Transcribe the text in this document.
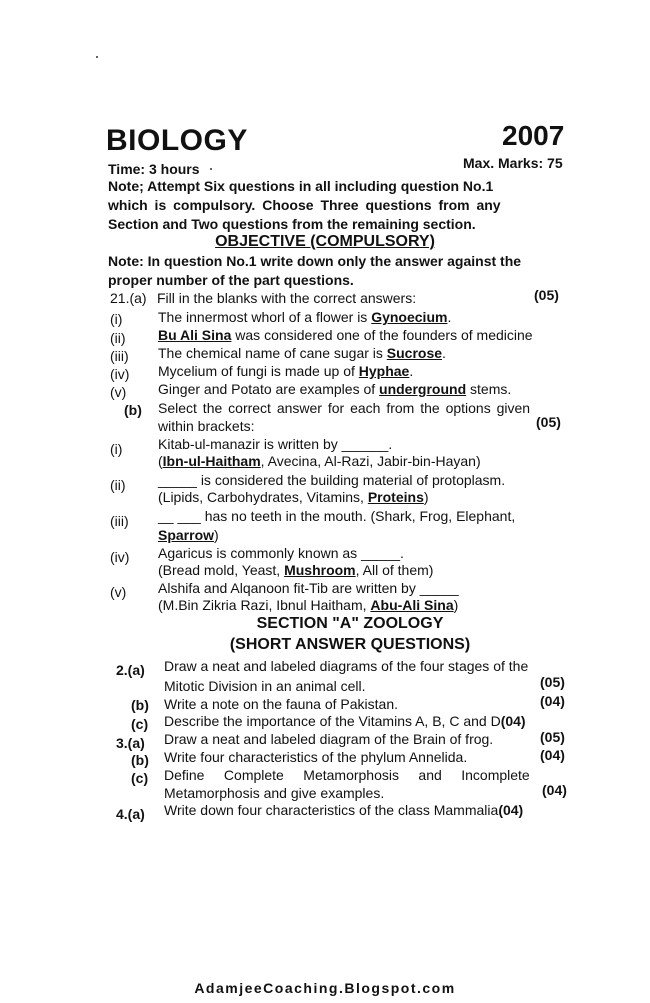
BIOLOGY	2007
Time: 3 hours	Max. Marks: 75
Note; Attempt Six questions in all including question No.1
which is compulsory. Choose Three questions from any
Section and Two questions from the remaining section.
OBJECTIVE (COMPULSORY)
Note: In question No.1 write down only the answer against the
proper number of the part questions.
21.(a) Fill in the blanks with the correct answers:	(05)
(i)	The innermost whorl of a flower is Gynoecium.
(ii) Bu Ali Sina was considered one of the founders of medicine
(iii) The chemical name of cane sugar is Sucrose.
(iv) Mycelium of fungi is made up of Hyphae.
(v) Ginger and Potato are examples of underground stems.
(b) Select the correct answer for each from the options given
within brackets:	(05)
(i)	Kitab-ul-manazir is written by ______.
(Ibn-ul-Haitham, Avecina, Al-Razi, Jabir-bin-Hayan)
(ii) _____ is considered the building material of protoplasm.
(Lipids, Carbohydrates, Vitamins, Proteins)
(iii) __ ___ has no teeth in the mouth. (Shark, Frog, Elephant,
Sparrow)
(iv) Agaricus is commonly known as _____.
(Bread mold, Yeast, Mushroom, All of them)
(v) Alshifa and Alqanoon fit-Tib are written by _____
(M.Bin Zikria Razi, Ibnul Haitham, Abu-Ali Sina)
SECTION "A" ZOOLOGY
(SHORT ANSWER QUESTIONS)
2.(a) Draw a neat and labeled diagrams of the four stages of the
Mitotic Division in an animal cell.	(05)
(b) Write a note on the fauna of Pakistan.	(04)
(c) Describe the importance of the Vitamins A, B, C and D(04)
3.(a) Draw a neat and labeled diagram of the Brain of frog.	(05)
(b) Write four characteristics of the phylum Annelida.	(04)
(c) Define     Complete     Metamorphosis     and     Incomplete
Metamorphosis and give examples.	(04)
4.(a) Write down four characteristics of the class Mammalia(04)
AdamjeeCoaching.Blogspot.com
